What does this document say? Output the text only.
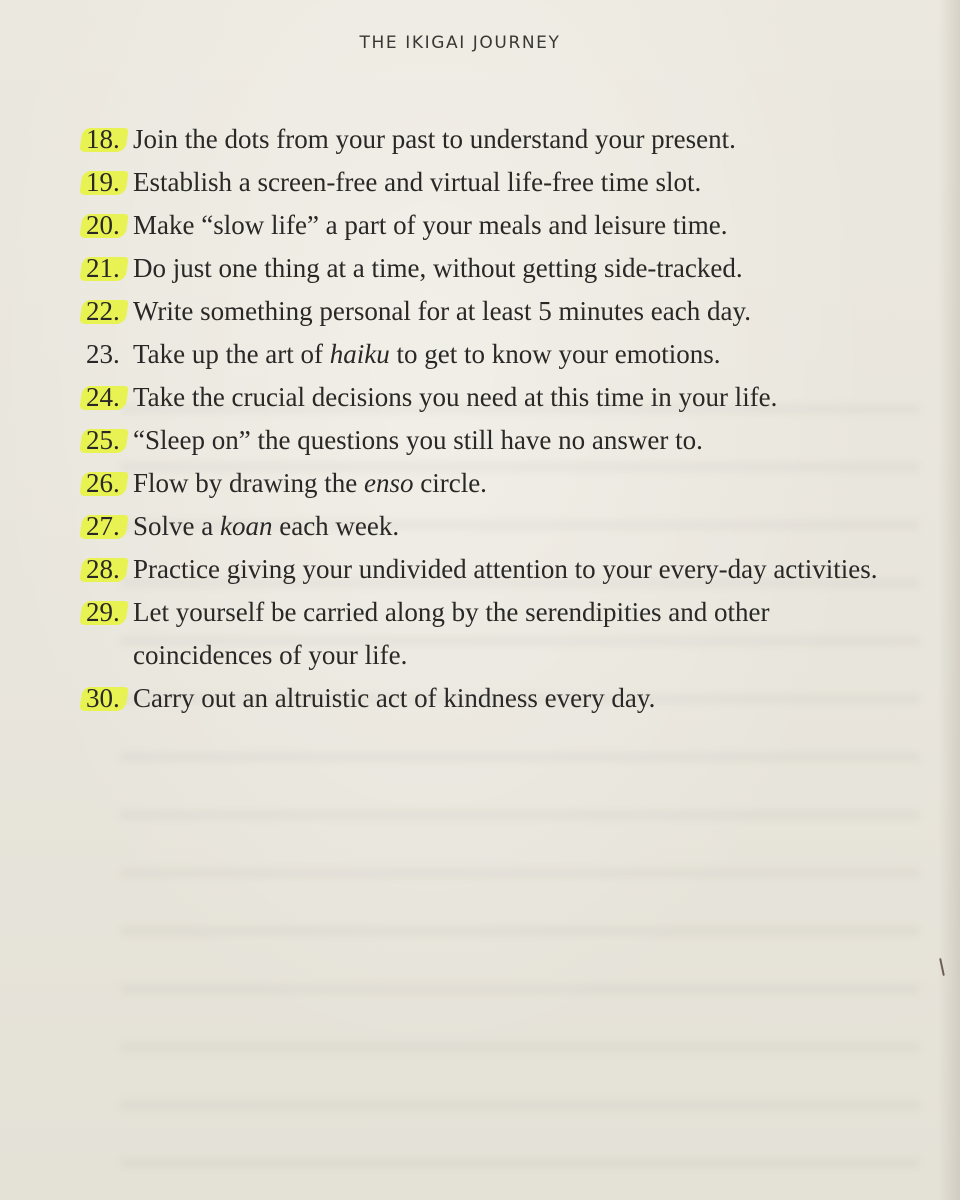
THE IKIGAI JOURNEY
18. Join the dots from your past to understand your present.
19. Establish a screen-free and virtual life-free time slot.
20. Make “slow life” a part of your meals and leisure time.
21. Do just one thing at a time, without getting side-tracked.
22. Write something personal for at least 5 minutes each day.
23. Take up the art of haiku to get to know your emotions.
24. Take the crucial decisions you need at this time in your life.
25. “Sleep on” the questions you still have no answer to.
26. Flow by drawing the enso circle.
27. Solve a koan each week.
28. Practice giving your undivided attention to your every-day activities.
29. Let yourself be carried along by the serendipities and other coincidences of your life.
30. Carry out an altruistic act of kindness every day.
